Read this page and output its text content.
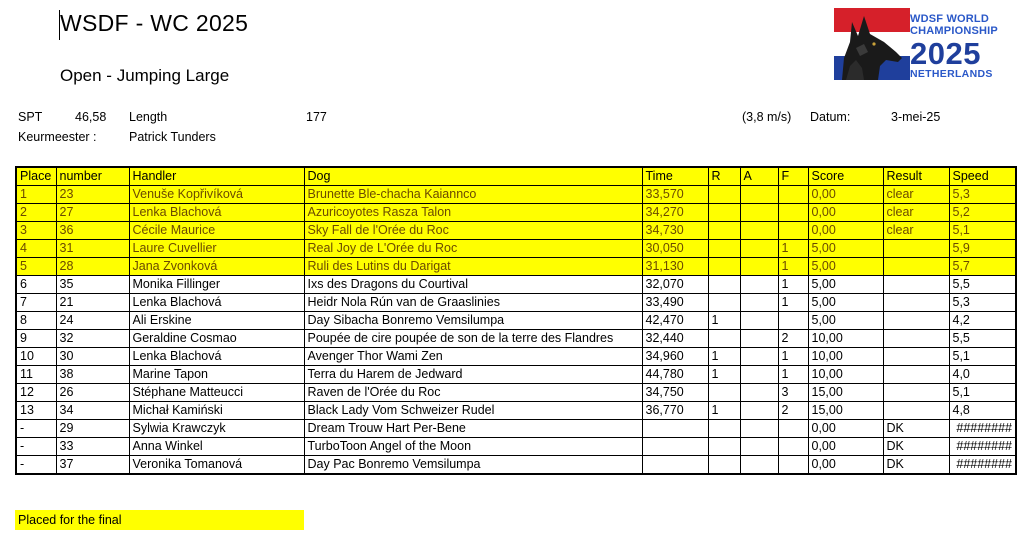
WSDF - WC 2025
Open - Jumping Large
WDSF WORLD
CHAMPIONSHIP
2025
NETHERLANDS
SPT	46,58 Length	177	(3,8 m/s) Datum:	3-mei-25
Keurmeester :	Patrick Tunders
Place	number	Handler	Dog	Time	R	A	F	Score	Result	Speed
1	23	Venuše Kopřivíková	Brunette Ble-chacha Kaiannco	33,570				0,00	clear	5,3
2	27	Lenka Blachová	Azuricoyotes Rasza Talon	34,270				0,00	clear	5,2
3	36	Cécile Maurice	Sky Fall de l'Orée du Roc	34,730				0,00	clear	5,1
4	31	Laure Cuvellier	Real Joy de L'Orée du Roc	30,050			1	5,00		5,9
5	28	Jana Zvonková	Ruli des Lutins du Darigat	31,130			1	5,00		5,7
6	35	Monika Fillinger	Ixs des Dragons du Courtival	32,070			1	5,00		5,5
7	21	Lenka Blachová	Heidr Nola Rún van de Graaslinies	33,490			1	5,00		5,3
8	24	Ali Erskine	Day Sibacha Bonremo Vemsilumpa	42,470	1			5,00		4,2
9	32	Geraldine Cosmao	Poupée de cire poupée de son de la terre des Flandres	32,440			2	10,00		5,5
10	30	Lenka Blachová	Avenger Thor Wami Zen	34,960	1		1	10,00		5,1
11	38	Marine Tapon	Terra du Harem de Jedward	44,780	1		1	10,00		4,0
12	26	Stéphane Matteucci	Raven de l'Orée du Roc	34,750			3	15,00		5,1
13	34	Michał Kamiński	Black Lady Vom Schweizer Rudel	36,770	1		2	15,00		4,8
-	29	Sylwia Krawczyk	Dream Trouw Hart Per-Bene					0,00	DK	########
-	33	Anna Winkel	TurboToon Angel of the Moon					0,00	DK	########
-	37	Veronika Tomanová	Day Pac Bonremo Vemsilumpa					0,00	DK	########
Placed for the final
